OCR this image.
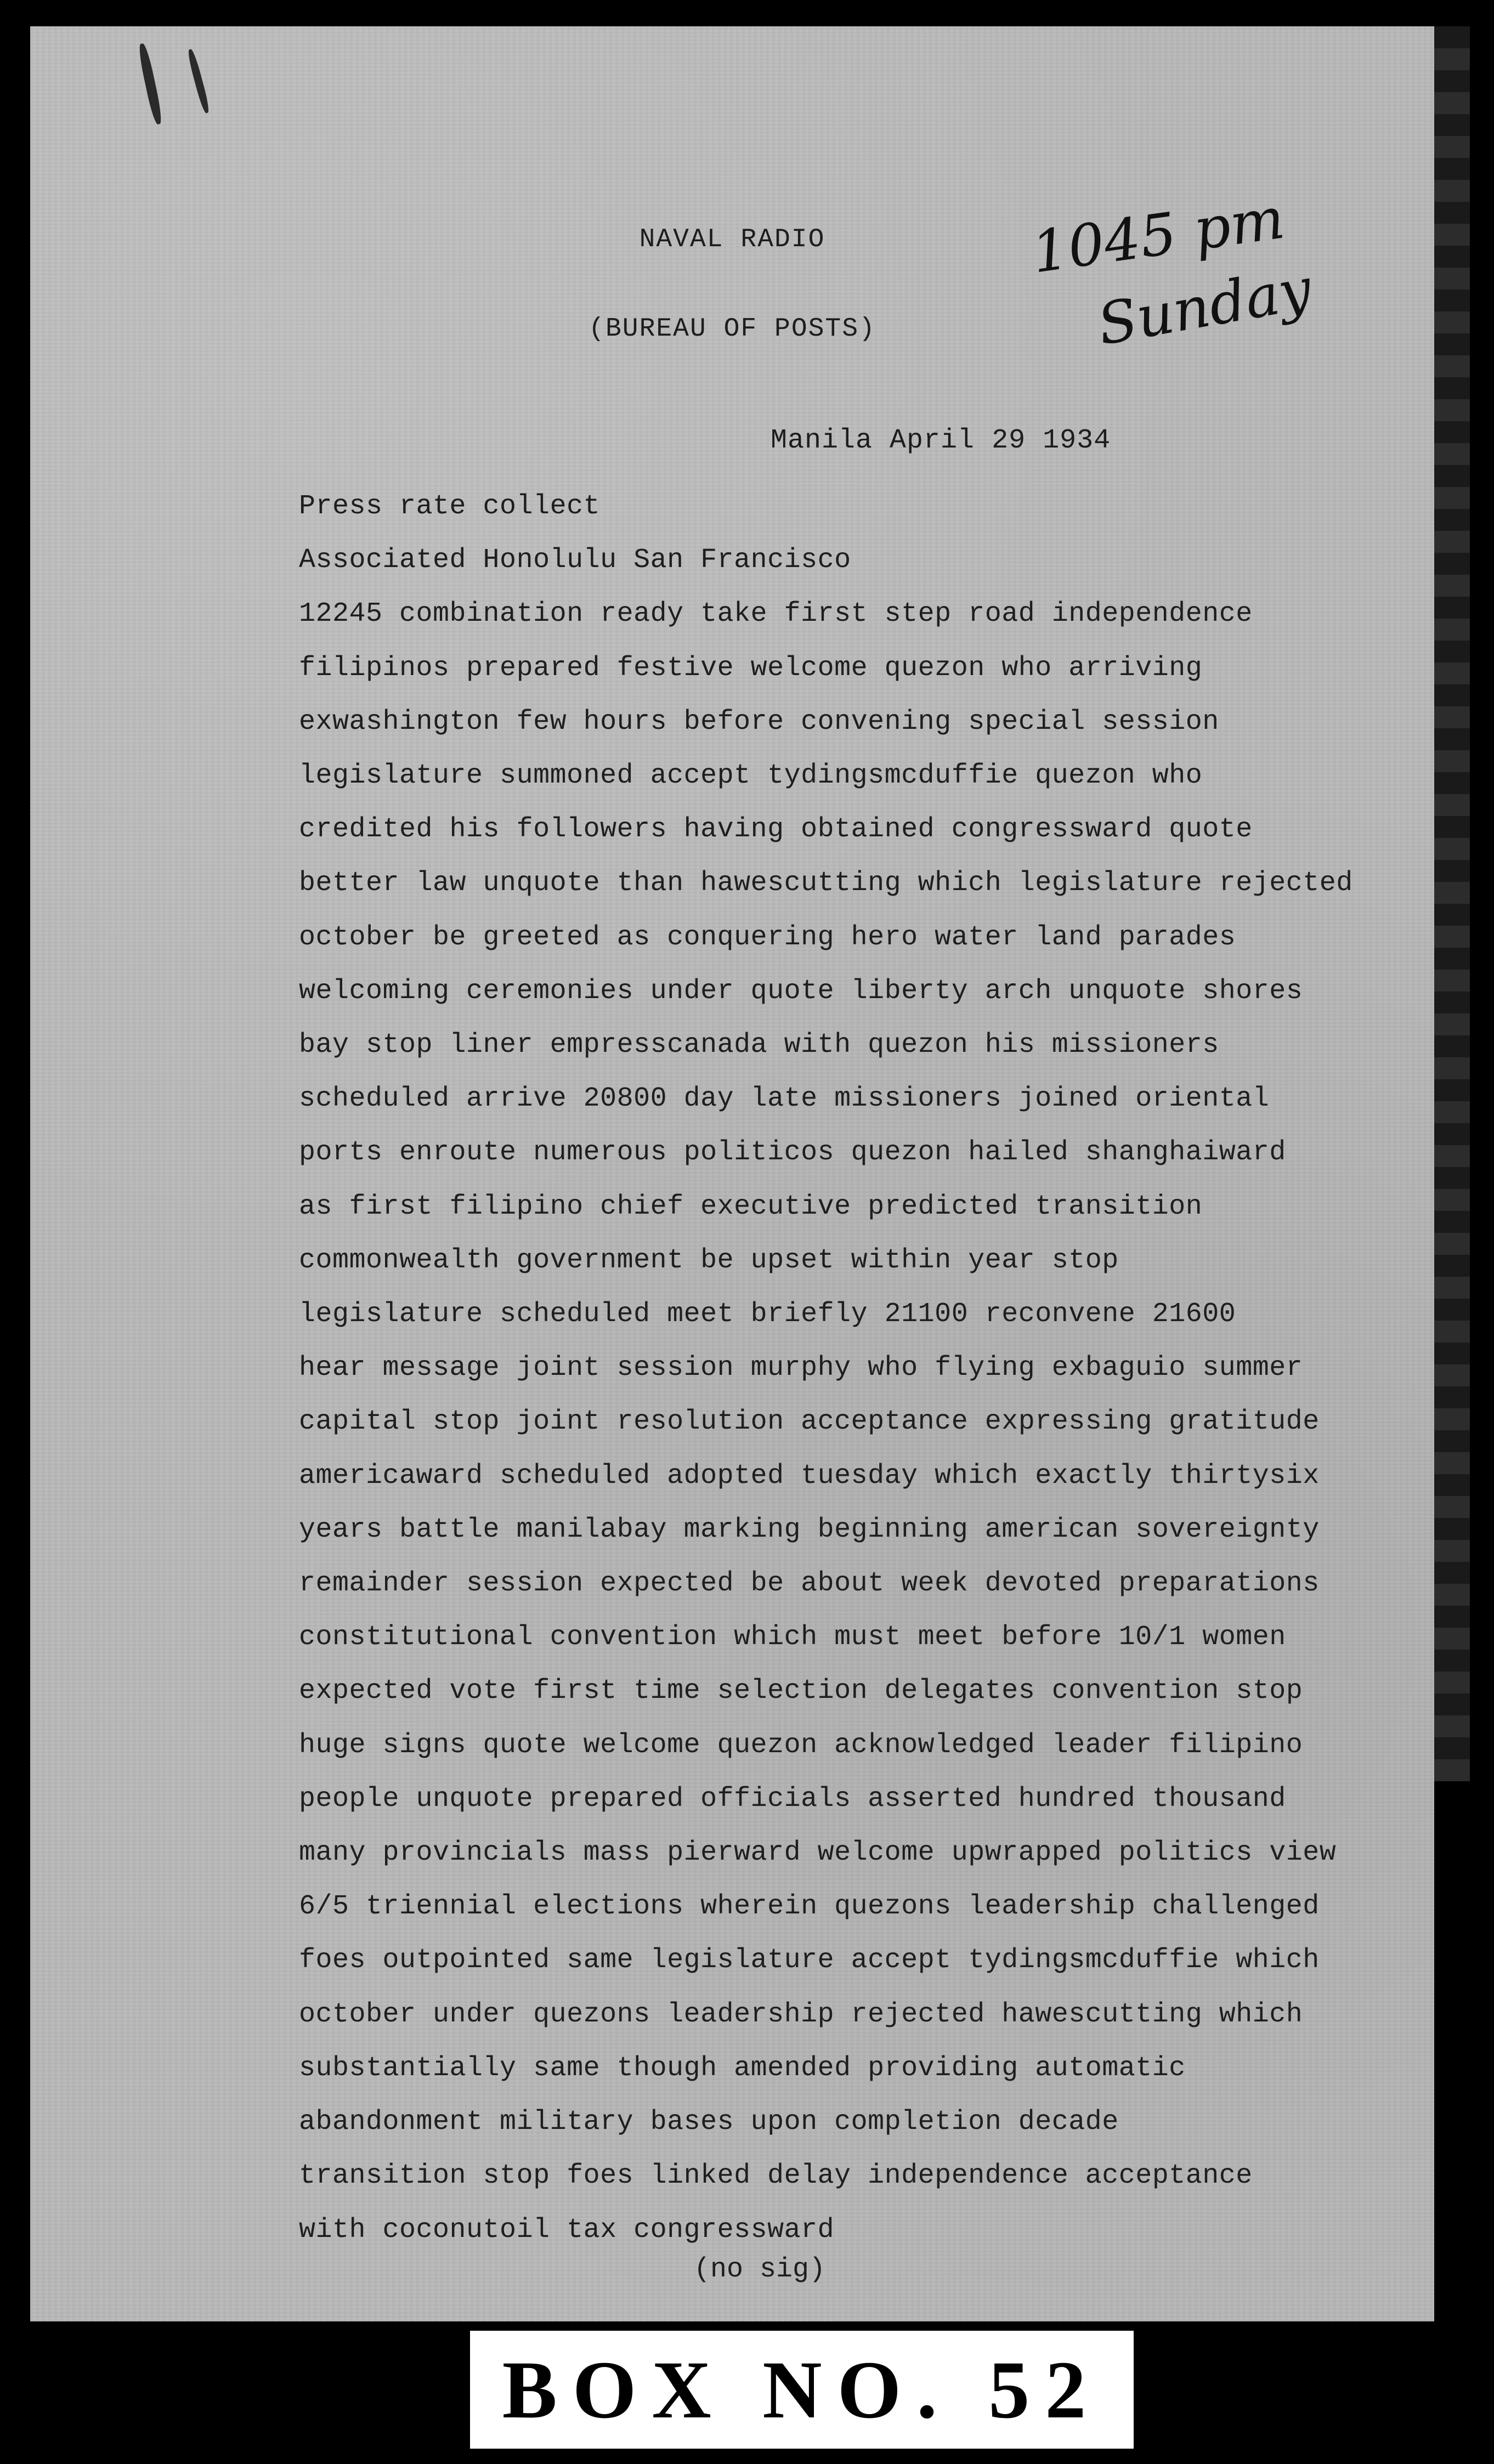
NAVAL RADIO
(BUREAU OF POSTS)
1045 pm
Sunday
Manila April 29 1934
Press rate collect
Associated Honolulu San Francisco
12245 combination ready take first step road independence
filipinos prepared festive welcome quezon who arriving
exwashington few hours before convening special session
legislature summoned accept tydingsmcduffie quezon who
credited his followers having obtained congressward quote
better law unquote than hawescutting which legislature rejected
october be greeted as conquering hero water land parades
welcoming ceremonies under quote liberty arch unquote shores
bay stop liner empresscanada with quezon his missioners
scheduled arrive 20800 day late missioners joined oriental
ports enroute numerous politicos quezon hailed shanghaiward
as first filipino chief executive predicted transition
commonwealth government be upset within year stop
legislature scheduled meet briefly 21100 reconvene 21600
hear message joint session murphy who flying exbaguio summer
capital stop joint resolution acceptance expressing gratitude
americaward scheduled adopted tuesday which exactly thirtysix
years battle manilabay marking beginning american sovereignty
remainder session expected be about week devoted preparations
constitutional convention which must meet before 10/1 women
expected vote first time selection delegates convention stop
huge signs quote welcome quezon acknowledged leader filipino
people unquote prepared officials asserted hundred thousand
many provincials mass pierward welcome upwrapped politics view
6/5 triennial elections wherein quezons leadership challenged
foes outpointed same legislature accept tydingsmcduffie which
october under quezons leadership rejected hawescutting which
substantially same though amended providing automatic
abandonment military bases upon completion decade
transition stop foes linked delay independence acceptance
with coconutoil tax congressward
(no sig)
BOX NO. 52
